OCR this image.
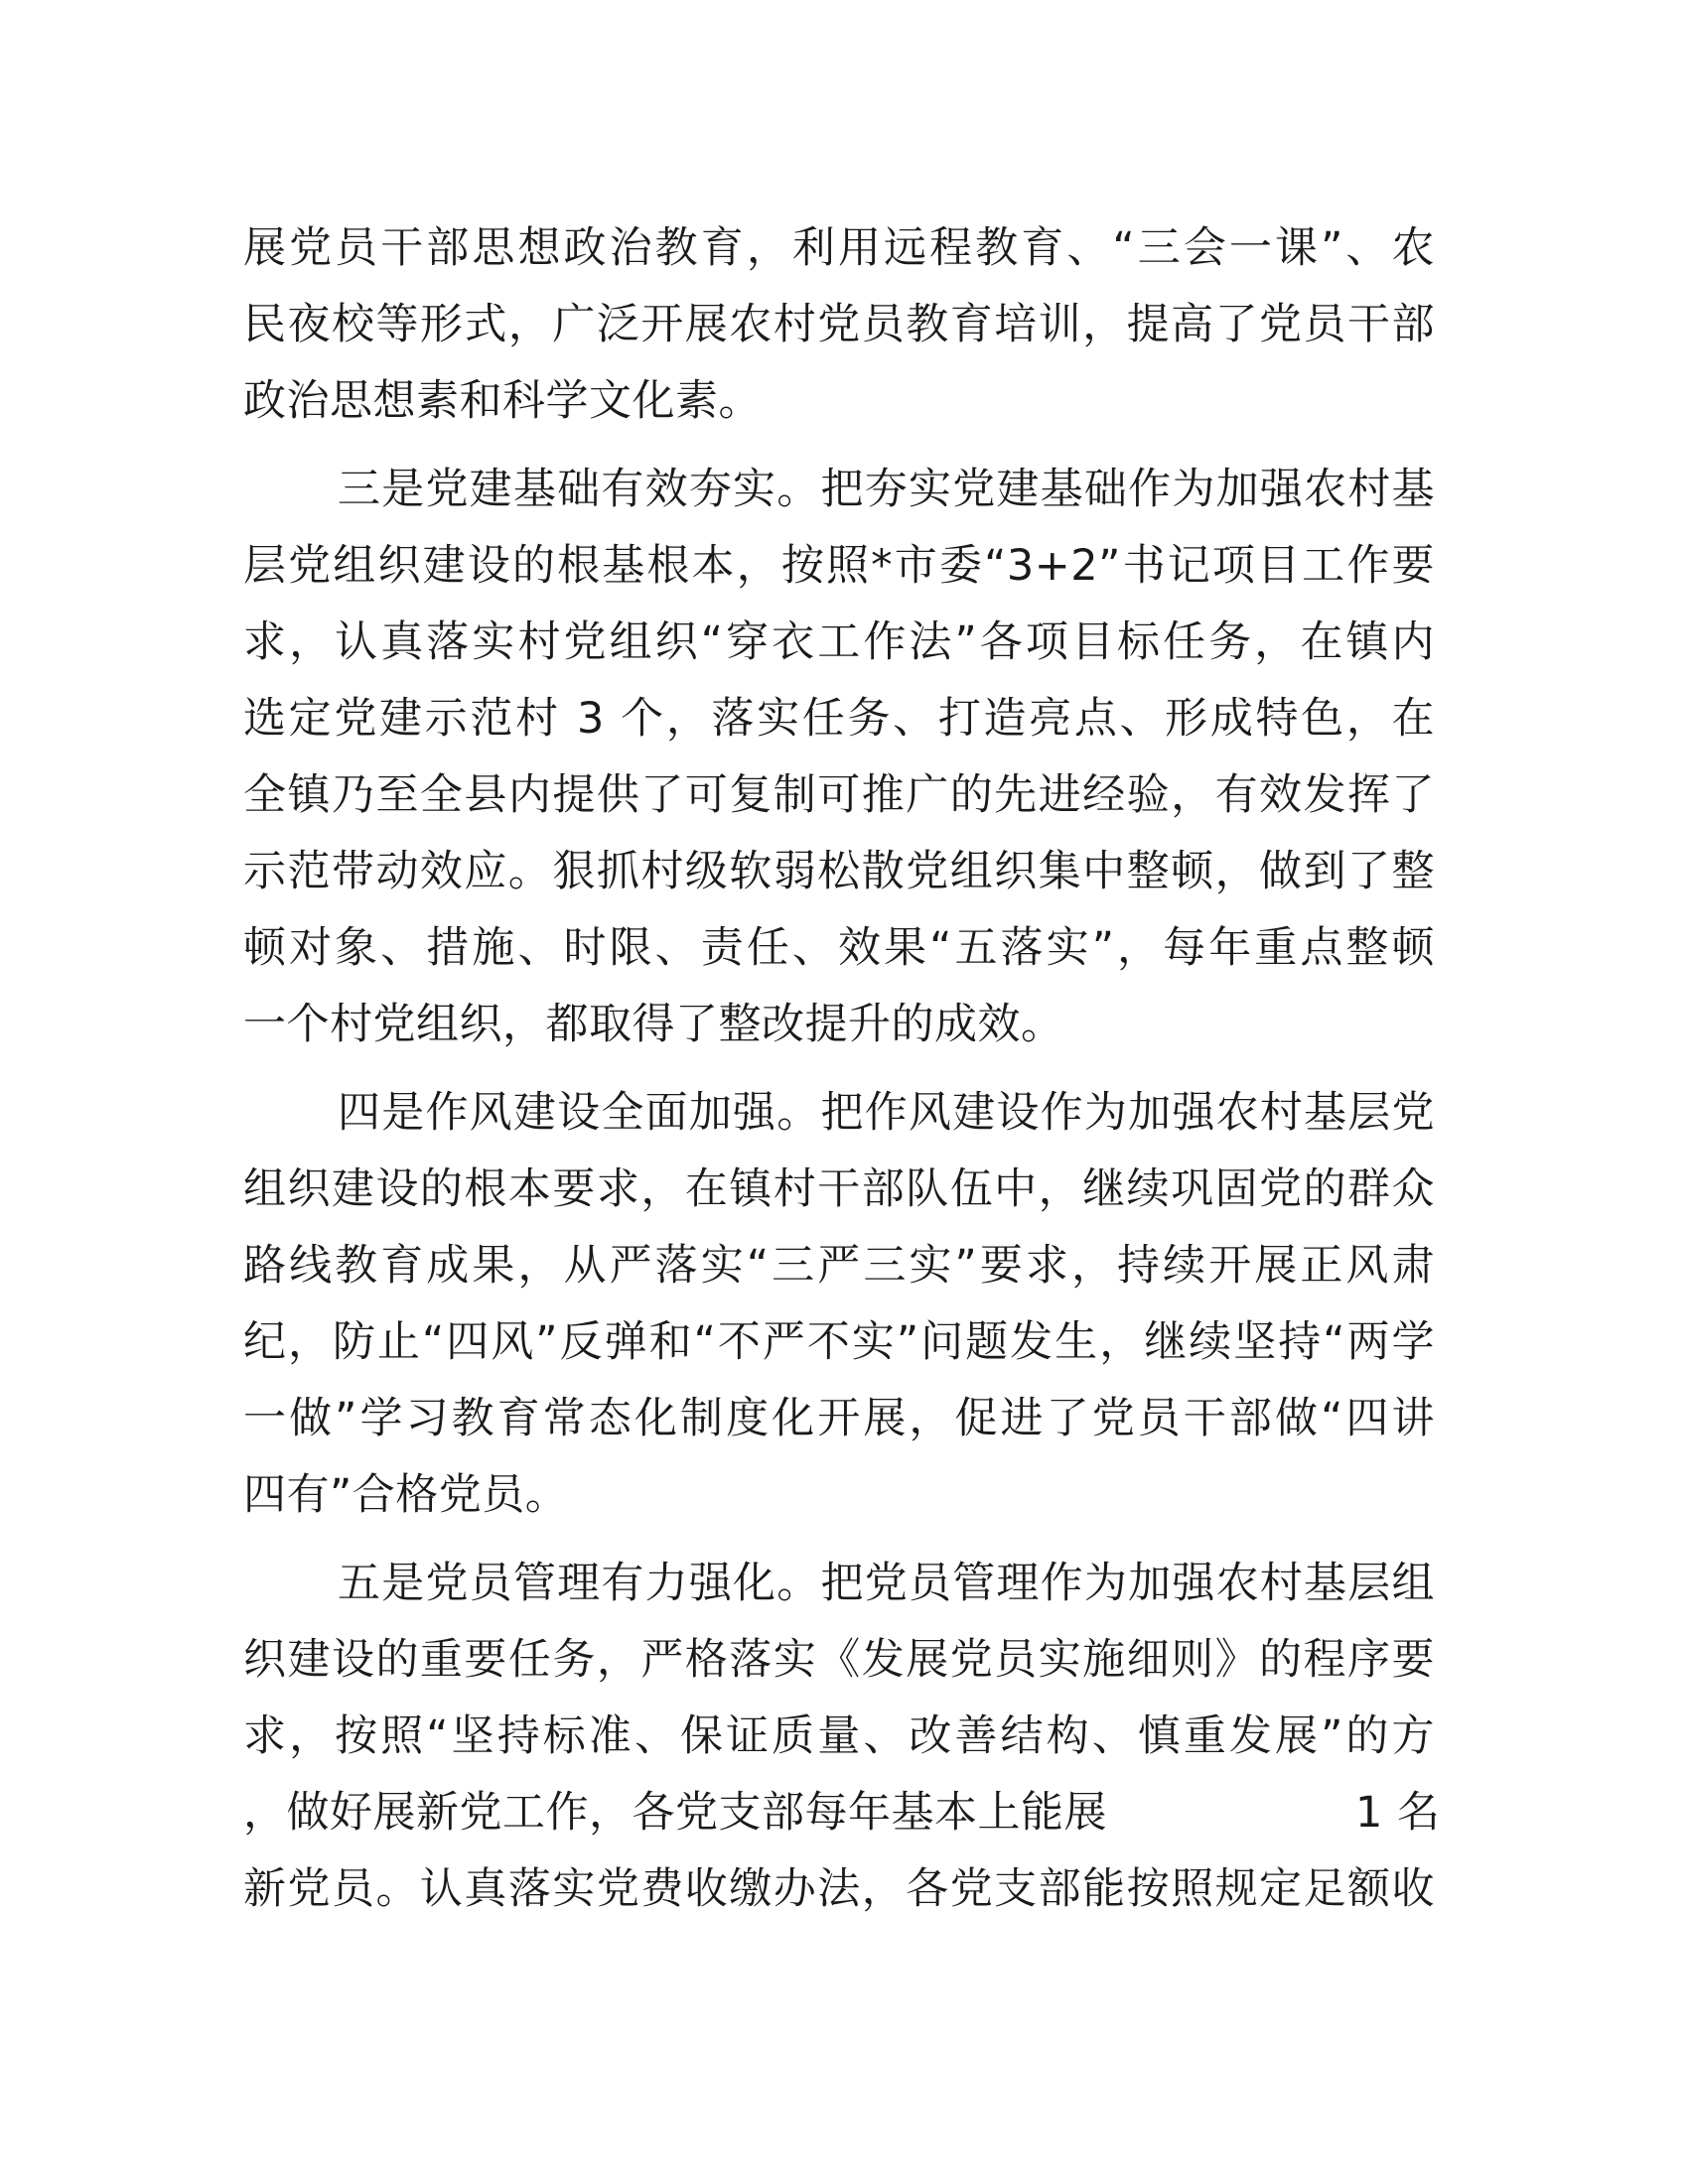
展党员干部思想政治教育，利用远程教育、“三会一课”、农
民夜校等形式，广泛开展农村党员教育培训，提高了党员干部
政治思想素和科学文化素。
三是党建基础有效夯实。把夯实党建基础作为加强农村基
层党组织建设的根基根本，按照*市委“3+2”书记项目工作要
求，认真落实村党组织“穿衣工作法”各项目标任务，在镇内
选定党建示范村 3 个，落实任务、打造亮点、形成特色，在
全镇乃至全县内提供了可复制可推广的先进经验，有效发挥了
示范带动效应。狠抓村级软弱松散党组织集中整顿，做到了整
顿对象、措施、时限、责任、效果“五落实”，每年重点整顿
一个村党组织，都取得了整改提升的成效。
四是作风建设全面加强。把作风建设作为加强农村基层党
组织建设的根本要求，在镇村干部队伍中，继续巩固党的群众
路线教育成果，从严落实“三严三实”要求，持续开展正风肃
纪，防止“四风”反弹和“不严不实”问题发生，继续坚持“两学
一做”学习教育常态化制度化开展，促进了党员干部做“四讲
四有”合格党员。
五是党员管理有力强化。把党员管理作为加强农村基层组
织建设的重要任务，严格落实《发展党员实施细则》的程序要
求，按照“坚持标准、保证质量、改善结构、慎重发展”的方
，做好展新党工作，各党支部每年基本上能展	1 名
新党员。认真落实党费收缴办法，各党支部能按照规定足额收
